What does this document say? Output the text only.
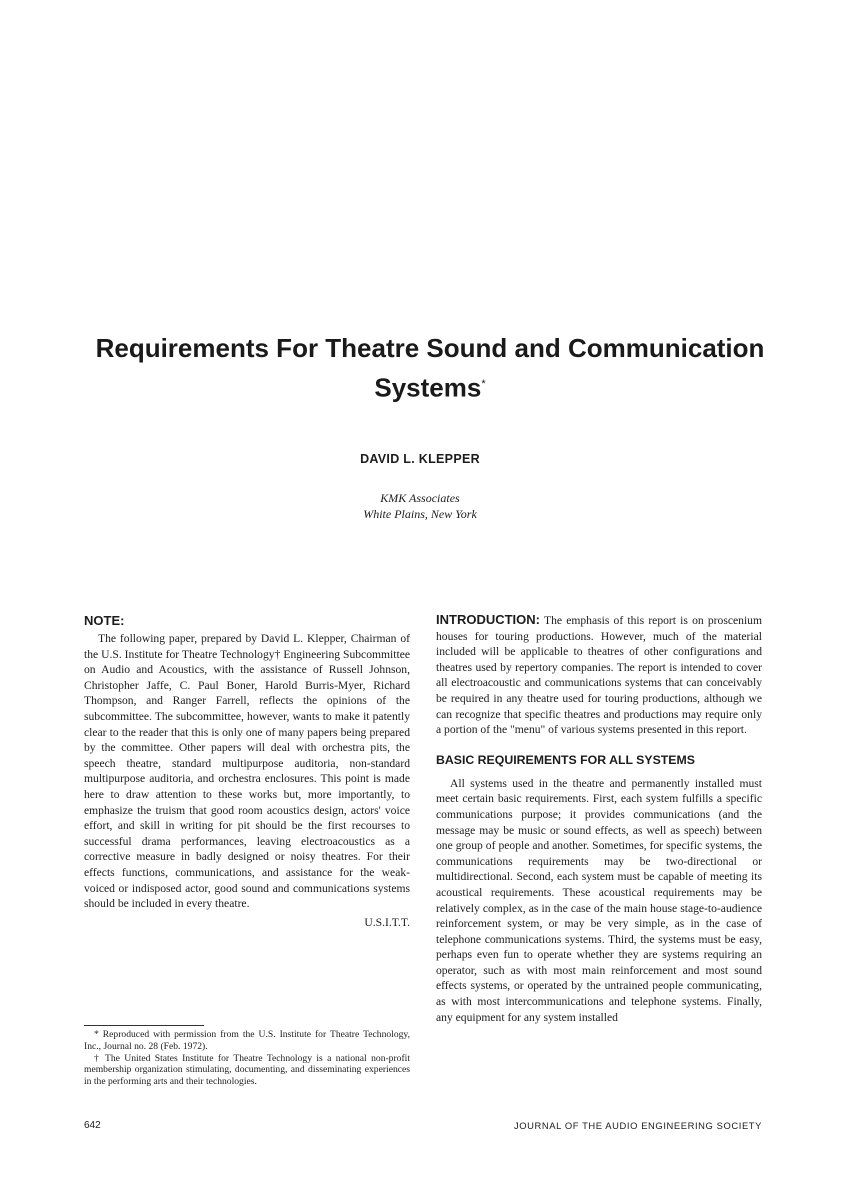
Requirements For Theatre Sound and Communication Systems*
DAVID L. KLEPPER
KMK Associates
White Plains, New York
NOTE:

The following paper, prepared by David L. Klepper, Chairman of the U.S. Institute for Theatre Technology† Engineering Subcommittee on Audio and Acoustics, with the assistance of Russell Johnson, Christopher Jaffe, C. Paul Boner, Harold Burris-Myer, Richard Thompson, and Ranger Farrell, reflects the opinions of the subcommittee. The subcommittee, however, wants to make it patently clear to the reader that this is only one of many papers being prepared by the committee. Other papers will deal with orchestra pits, the speech theatre, standard multipurpose auditoria, non-standard multipurpose auditoria, and orchestra enclosures. This point is made here to draw attention to these works but, more importantly, to emphasize the truism that good room acoustics design, actors' voice effort, and skill in writing for pit should be the first recourses to successful drama performances, leaving electroacoustics as a corrective measure in badly designed or noisy theatres. For their effects functions, communications, and assistance for the weak-voiced or indisposed actor, good sound and communications systems should be included in every theatre.

U.S.I.T.T.

INTRODUCTION: The emphasis of this report is on proscenium houses for touring productions. However, much of the material included will be applicable to theatres of other configurations and theatres used by repertory companies. The report is intended to cover all electroacoustic and communications systems that can conceivably be required in any theatre used for touring productions, although we can recognize that specific theatres and productions may require only a portion of the "menu" of various systems presented in this report.

BASIC REQUIREMENTS FOR ALL SYSTEMS

All systems used in the theatre and permanently installed must meet certain basic requirements. First, each system fulfills a specific communications purpose; it provides communications (and the message may be music or sound effects, as well as speech) between one group of people and another. Sometimes, for specific systems, the communications requirements may be two-directional or multidirectional. Second, each system must be capable of meeting its acoustical requirements. These acoustical requirements may be relatively complex, as in the case of the main house stage-to-audience reinforcement system, or may be very simple, as in the case of telephone communications systems. Third, the systems must be easy, perhaps even fun to operate whether they are systems requiring an operator, such as with most main reinforcement and most sound effects systems, or operated by the untrained people communicating, as with most intercommunications and telephone systems. Finally, any equipment for any system installed

* Reproduced with permission from the U.S. Institute for Theatre Technology, Inc., Journal no. 28 (Feb. 1972).

† The United States Institute for Theatre Technology is a national non-profit membership organization stimulating, documenting, and disseminating experiences in the performing arts and their technologies.

642	JOURNAL OF THE AUDIO ENGINEERING SOCIETY
